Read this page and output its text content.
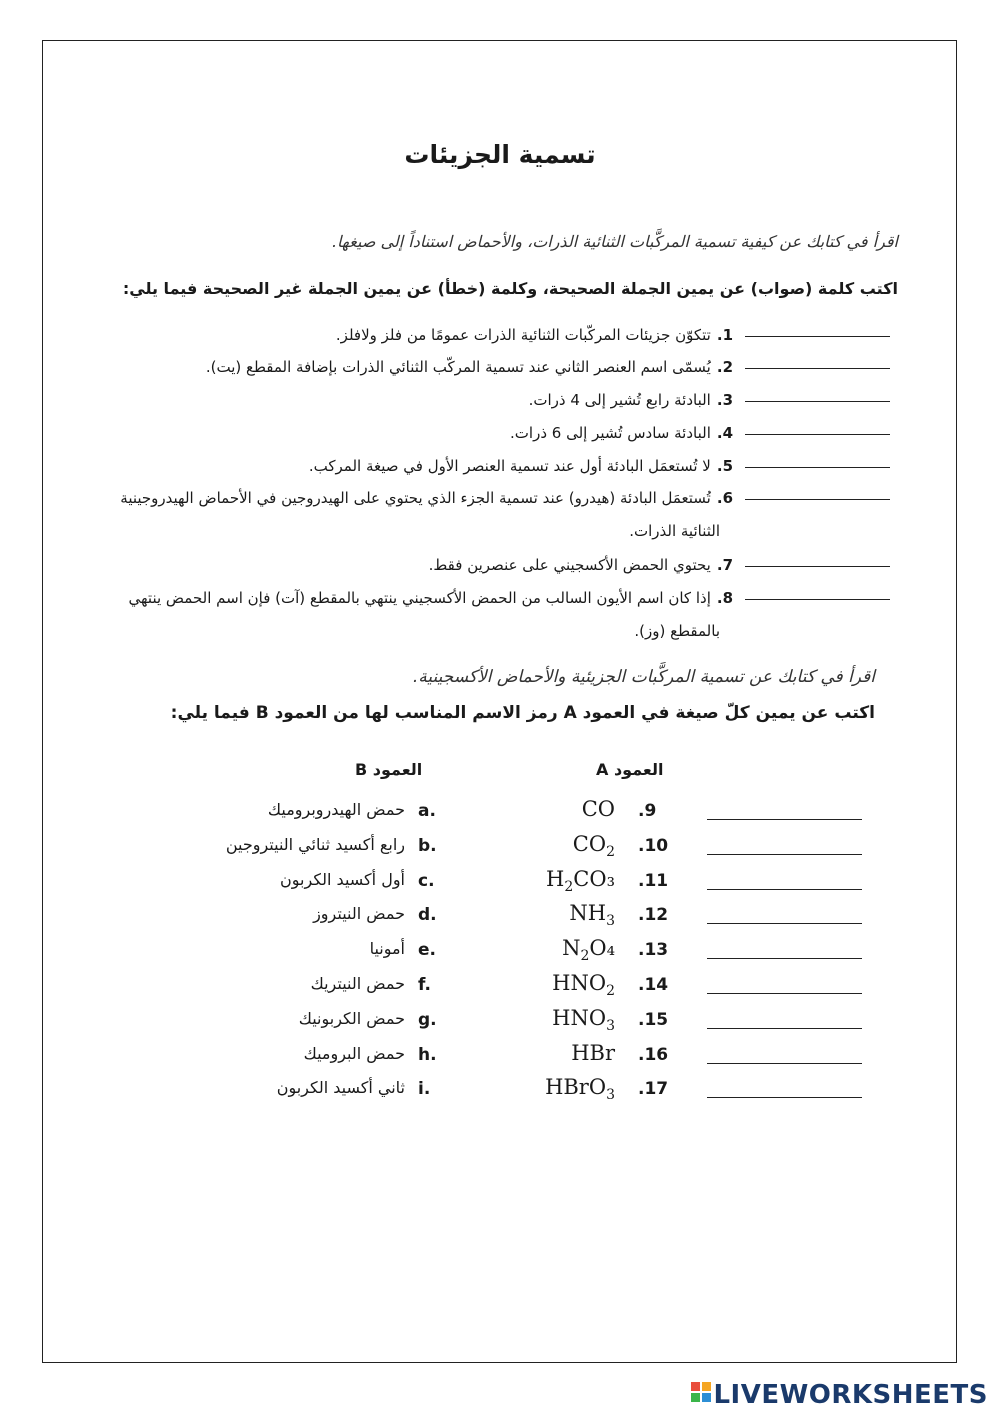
تسمية الجزيئات
اقرأ في كتابك عن كيفية تسمية المركَّبات الثنائية الذرات، والأحماض استناداً إلى صيغها.
اكتب كلمة (صواب) عن يمين الجملة الصحيحة، وكلمة (خطأ) عن يمين الجملة غير الصحيحة فيما يلي:
1.تتكوّن جزيئات المركّبات الثنائية الذرات عمومًا من فلز ولافلز.
2.يُسمّى اسم العنصر الثاني عند تسمية المركّب الثنائي الذرات بإضافة المقطع (يت).
3.البادئة رابع تُشير إلى 4 ذرات.
4.البادئة سادس تُشير إلى 6 ذرات.
5.لا تُستعمَل البادئة أول عند تسمية العنصر الأول في صيغة المركب.
6.تُستعمَل البادئة (هيدرو) عند تسمية الجزء الذي يحتوي على الهيدروجين في الأحماض الهيدروجينية
الثنائية الذرات.
7.يحتوي الحمض الأكسجيني على عنصرين فقط.
8.إذا كان اسم الأيون السالب من الحمض الأكسجيني ينتهي بالمقطع (آت) فإن اسم الحمض ينتهي
بالمقطع (وز).
اقرأ في كتابك عن تسمية المركَّبات الجزيئية والأحماض الأكسجينية.
اكتب عن يمين كلّ صيغة في العمود A رمز الاسم المناسب لها من العمود B فيما يلي:
العمود A
العمود B
9.
CO
a.
حمض الهيدروبروميك
10.
$CO_2$
b.
رابع أكسيد ثنائي النيتروجين
11.
$H_2CO_3$
c.
أول أكسيد الكربون
12.
$NH_3$
d.
حمض النيتروز
13.
$N_2O_4$
e.
أمونيا
14.
$HNO_2$
f.
حمض النيتريك
15.
$HNO_3$
g.
حمض الكربونيك
16.
HBr
h.
حمض البروميك
17.
HBrO$_3$
i.
ثاني أكسيد الكربون
LIVEWORKSHEETS
